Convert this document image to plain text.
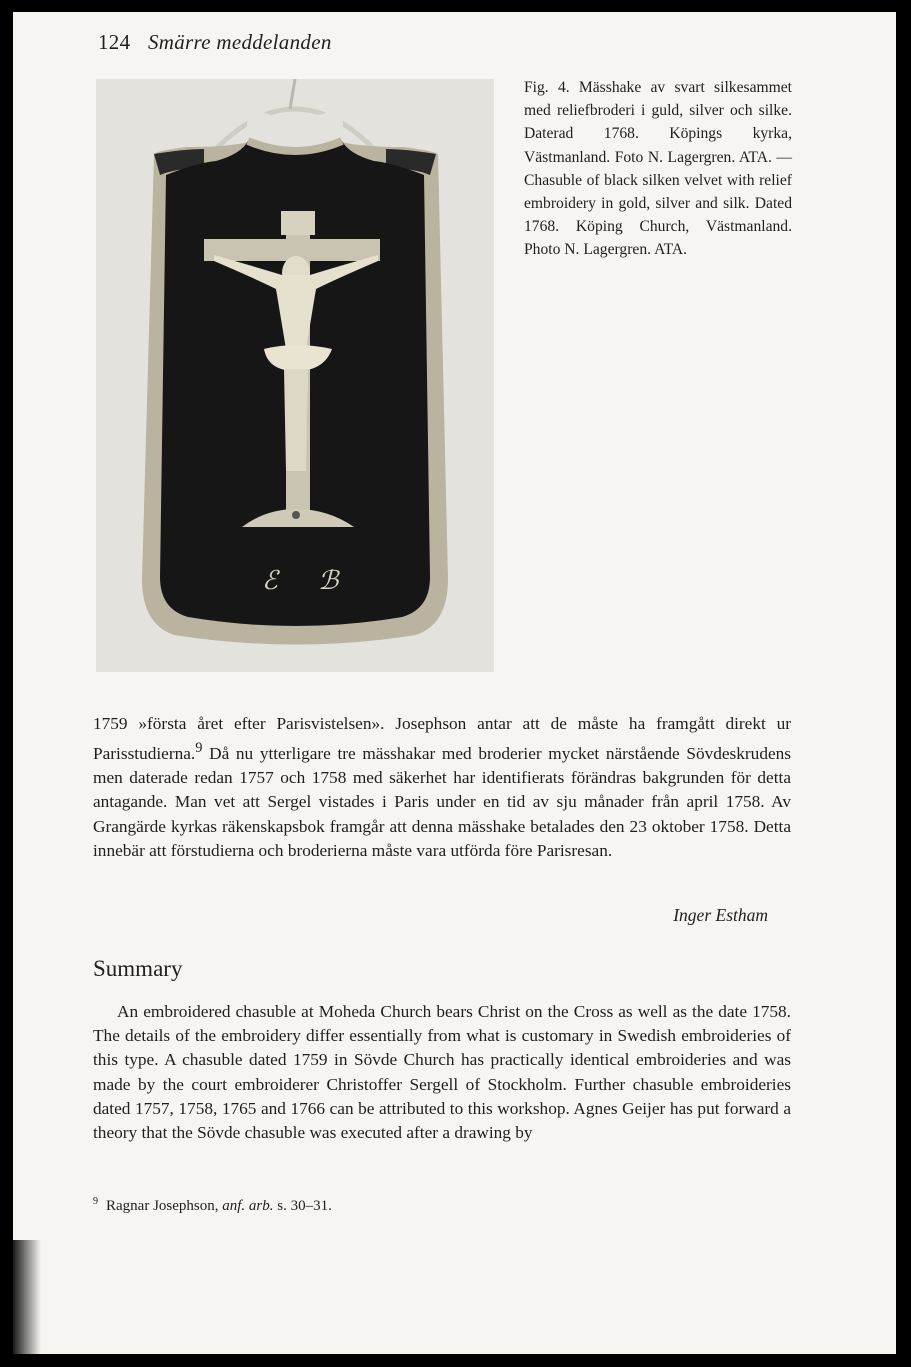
124 Smärre meddelanden
ℰ ℬ
Fig. 4. Mässhake av svart silkesammet med reliefbroderi i guld, silver och silke. Daterad 1768. Köpings kyrka, Västmanland. Foto N. Lagergren. ATA. — Chasuble of black silken velvet with relief embroidery in gold, silver and silk. Dated 1768. Köping Church, Västmanland. Photo N. Lagergren. ATA.

1759 »första året efter Parisvistelsen». Josephson antar att de måste ha framgått direkt ur Parisstudierna.$^9$ Då nu ytterligare tre mässhakar med broderier mycket närstående Sövdeskrudens men daterade redan 1757 och 1758 med säkerhet har identifierats förändras bakgrunden för detta antagande. Man vet att Sergel vistades i Paris under en tid av sju månader från april 1758. Av Grangärde kyrkas räkenskapsbok framgår att denna mässhake betalades den 23 oktober 1758. Detta innebär att förstudierna och broderierna måste vara utförda före Parisresan.

Inger Estham
Summary

An embroidered chasuble at Moheda Church bears Christ on the Cross as well as the date 1758. The details of the embroidery differ essentially from what is customary in Swedish embroideries of this type. A chasuble dated 1759 in Sövde Church has practically identical embroideries and was made by the court embroiderer Christoffer Sergell of Stockholm. Further chasuble embroideries dated 1757, 1758, 1765 and 1766 can be attributed to this workshop. Agnes Geijer has put forward a theory that the Sövde chasuble was executed after a drawing by

$^9$ Ragnar Josephson, anf. arb. s. 30–31.
